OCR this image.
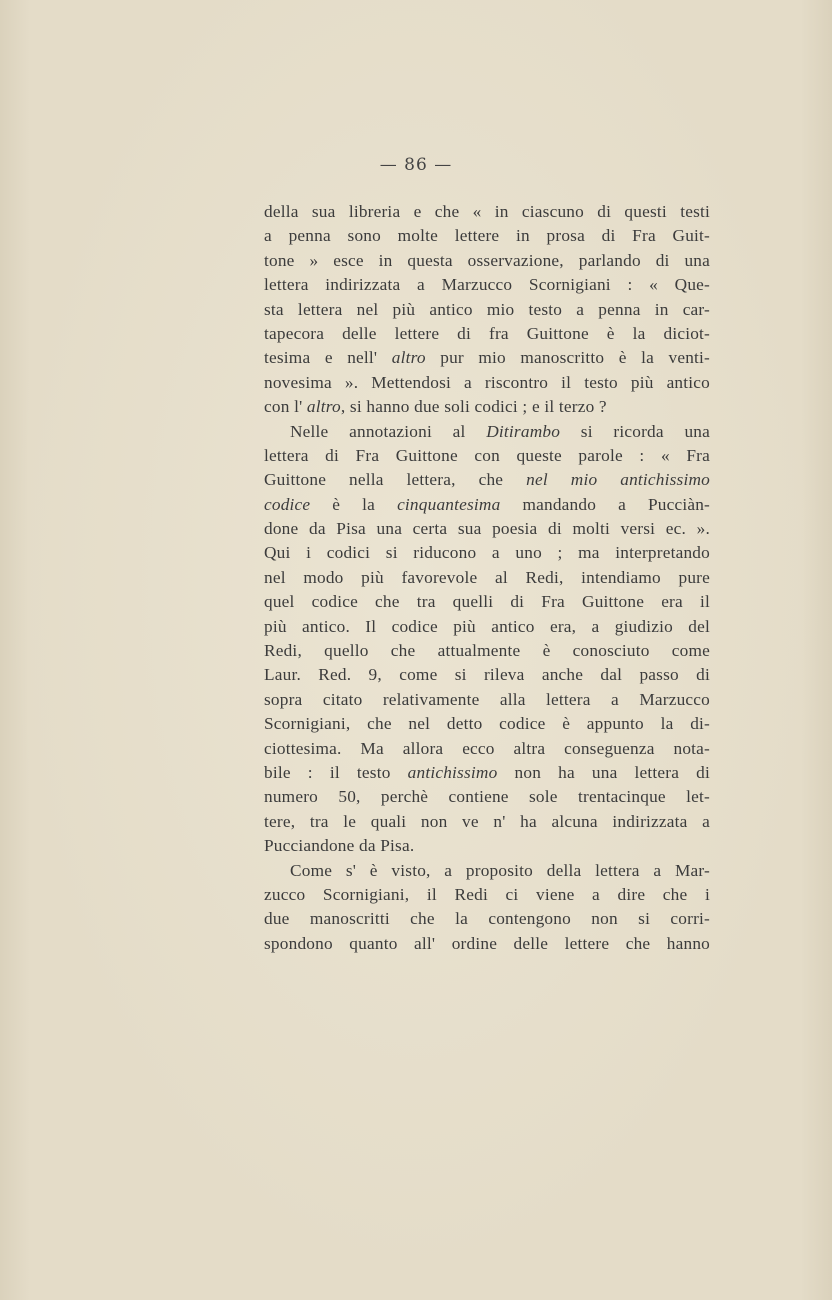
— 86 —
della sua libreria e che « in ciascuno di questi testi
a penna sono molte lettere in prosa di Fra Guit-
tone » esce in questa osservazione, parlando di una
lettera indirizzata a Marzucco Scornigiani : « Que-
sta lettera nel più antico mio testo a penna in car-
tapecora delle lettere di fra Guittone è la diciot-
tesima e nell' altro pur mio manoscritto è la venti-
novesima ». Mettendosi a riscontro il testo più antico
con l' altro, si hanno due soli codici ; e il terzo ?
Nelle annotazioni al Ditirambo si ricorda una
lettera di Fra Guittone con queste parole : « Fra
Guittone nella lettera, che nel mio antichissimo
codice è la cinquantesima mandando a Pucciàn-
done da Pisa una certa sua poesia di molti versi ec. ».
Qui i codici si riducono a uno ; ma interpretando
nel modo più favorevole al Redi, intendiamo pure
quel codice che tra quelli di Fra Guittone era il
più antico. Il codice più antico era, a giudizio del
Redi, quello che attualmente è conosciuto come
Laur. Red. 9, come si rileva anche dal passo di
sopra citato relativamente alla lettera a Marzucco
Scornigiani, che nel detto codice è appunto la di-
ciottesima. Ma allora ecco altra conseguenza nota-
bile : il testo antichissimo non ha una lettera di
numero 50, perchè contiene sole trentacinque let-
tere, tra le quali non ve n' ha alcuna indirizzata a
Pucciandone da Pisa.
Come s' è visto, a proposito della lettera a Mar-
zucco Scornigiani, il Redi ci viene a dire che i
due manoscritti che la contengono non si corri-
spondono quanto all' ordine delle lettere che hanno
